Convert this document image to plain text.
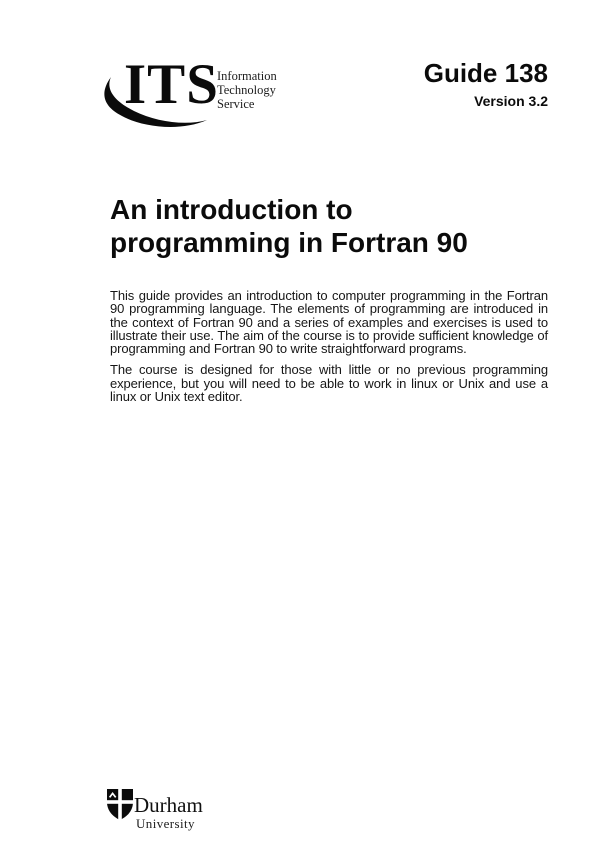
ITS
Information
Technology
Service
Guide 138
Version 3.2
An introduction to
programming in Fortran 90

This guide provides an introduction to computer programming in the Fortran 90 programming language. The elements of programming are introduced in the context of Fortran 90 and a series of examples and exercises is used to illustrate their use. The aim of the course is to provide sufficient knowledge of programming and Fortran 90 to write straightforward programs.

The course is designed for those with little or no previous programming experience, but you will need to be able to work in linux or Unix and use a linux or Unix text editor.

Durham
University
